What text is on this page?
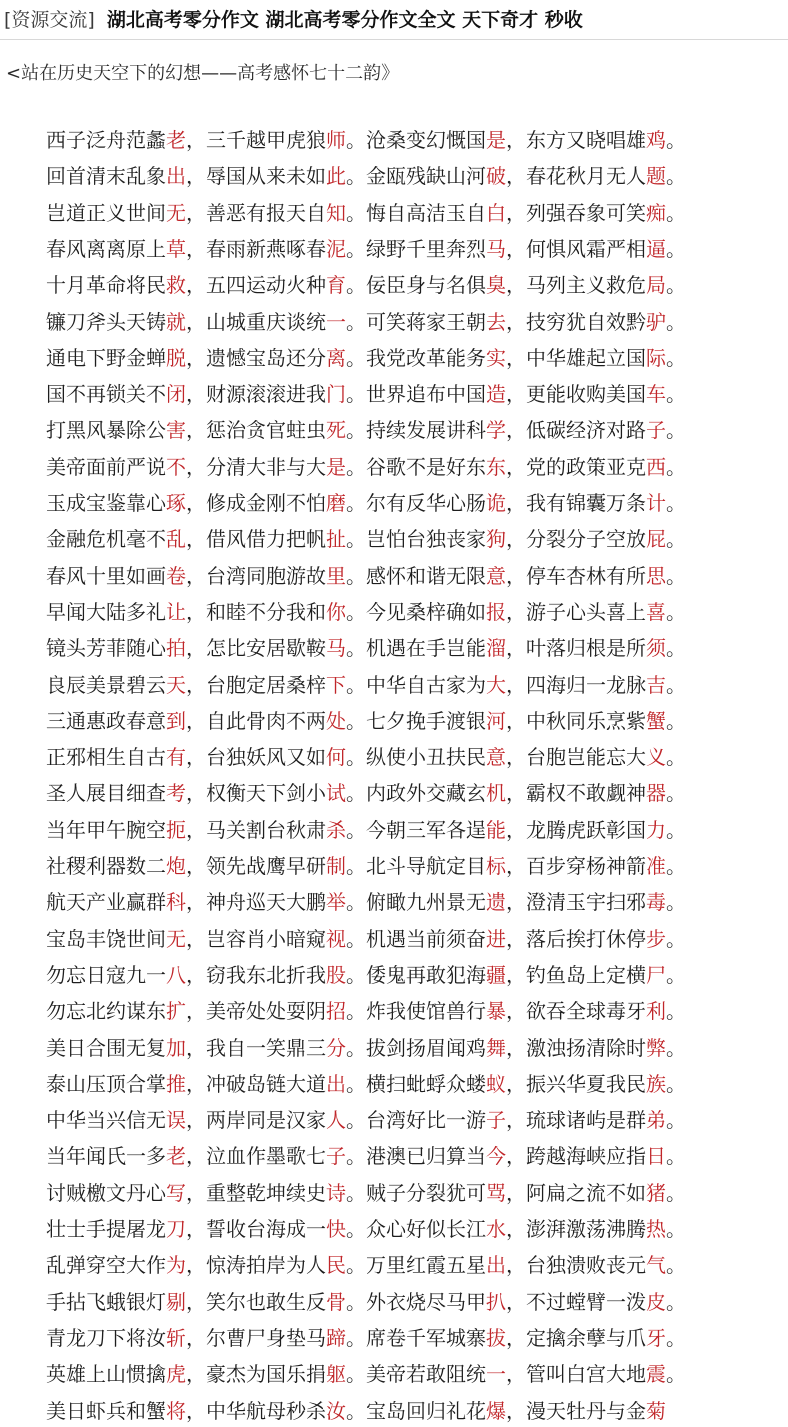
[资源交流] 湖北高考零分作文 湖北高考零分作文全文 天下奇才 秒收
<站在历史天空下的幻想——高考感怀七十二韵》
西子泛舟范蠡老， 三千越甲虎狼师。 沧桑变幻慨国是， 东方又晓唱雄鸡。
回首清末乱象出， 辱国从来未如此。 金瓯残缺山河破， 春花秋月无人题。
岂道正义世间无， 善恶有报天自知。 悔自高洁玉自白， 列强吞象可笑痴。
春风离离原上草， 春雨新燕啄春泥。 绿野千里奔烈马， 何惧风霜严相逼。
十月革命将民救， 五四运动火种育。 佞臣身与名俱臭， 马列主义救危局。
镰刀斧头天铸就， 山城重庆谈统一。 可笑蒋家王朝去， 技穷犹自效黔驴。
通电下野金蝉脱， 遗憾宝岛还分离。 我党改革能务实， 中华雄起立国际。
国不再锁关不闭， 财源滚滚进我门。 世界追布中国造， 更能收购美国车。
打黑风暴除公害， 惩治贪官蛀虫死。 持续发展讲科学， 低碳经济对路子。
美帝面前严说不， 分清大非与大是。 谷歌不是好东东， 党的政策亚克西。
玉成宝鉴靠心琢， 修成金刚不怕磨。 尔有反华心肠诡， 我有锦囊万条计。
金融危机毫不乱， 借风借力把帆扯。 岂怕台独丧家狗， 分裂分子空放屁。
春风十里如画卷， 台湾同胞游故里。 感怀和谐无限意， 停车杏林有所思。
早闻大陆多礼让， 和睦不分我和你。 今见桑梓确如报， 游子心头喜上喜。
镜头芳菲随心拍， 怎比安居歇鞍马。 机遇在手岂能溜， 叶落归根是所须。
良辰美景碧云天， 台胞定居桑梓下。 中华自古家为大， 四海归一龙脉吉。
三通惠政春意到， 自此骨肉不两处。 七夕挽手渡银河， 中秋同乐烹紫蟹。
正邪相生自古有， 台独妖风又如何。 纵使小丑扶民意， 台胞岂能忘大义。
圣人展目细查考， 权衡天下剑小试。 内政外交藏玄机， 霸权不敢觑神器。
当年甲午腕空扼， 马关割台秋肃杀。 今朝三军各逞能， 龙腾虎跃彰国力。
社稷利器数二炮， 领先战鹰早研制。 北斗导航定目标， 百步穿杨神箭准。
航天产业赢群科， 神舟巡天大鹏举。 俯瞰九州景无遗， 澄清玉宇扫邪毒。
宝岛丰饶世间无， 岂容肖小暗窥视。 机遇当前须奋进， 落后挨打休停步。
勿忘日寇九一八， 窃我东北折我股。 倭鬼再敢犯海疆， 钓鱼岛上定横尸。
勿忘北约谋东扩， 美帝处处耍阴招。 炸我使馆兽行暴， 欲吞全球毒牙利。
美日合围无复加， 我自一笑鼎三分。 拔剑扬眉闻鸡舞， 激浊扬清除时弊。
泰山压顶合掌推， 冲破岛链大道出。 横扫蚍蜉众蝼蚁， 振兴华夏我民族。
中华当兴信无误， 两岸同是汉家人。 台湾好比一游子， 琉球诸屿是群弟。
当年闻氏一多老， 泣血作墨歌七子。 港澳已归算当今， 跨越海峡应指日。
讨贼檄文丹心写， 重整乾坤续史诗。 贼子分裂犹可骂， 阿扁之流不如猪。
壮士手提屠龙刀， 誓收台海成一快。 众心好似长江水， 澎湃激荡沸腾热。
乱弹穿空大作为， 惊涛拍岸为人民。 万里红霞五星出， 台独溃败丧元气。
手拈飞蛾银灯剔， 笑尔也敢生反骨。 外衣烧尽马甲扒， 不过螳臂一泼皮。
青龙刀下将汝斩， 尔曹尸身垫马蹄。 席卷千军城寨拔， 定擒余孽与爪牙。
英雄上山惯擒虎， 豪杰为国乐捐躯。 美帝若敢阻统一， 管叫白宫大地震。
美日虾兵和蟹将， 中华航母秒杀汝。 宝岛回归礼花爆， 漫天牡丹与金菊
